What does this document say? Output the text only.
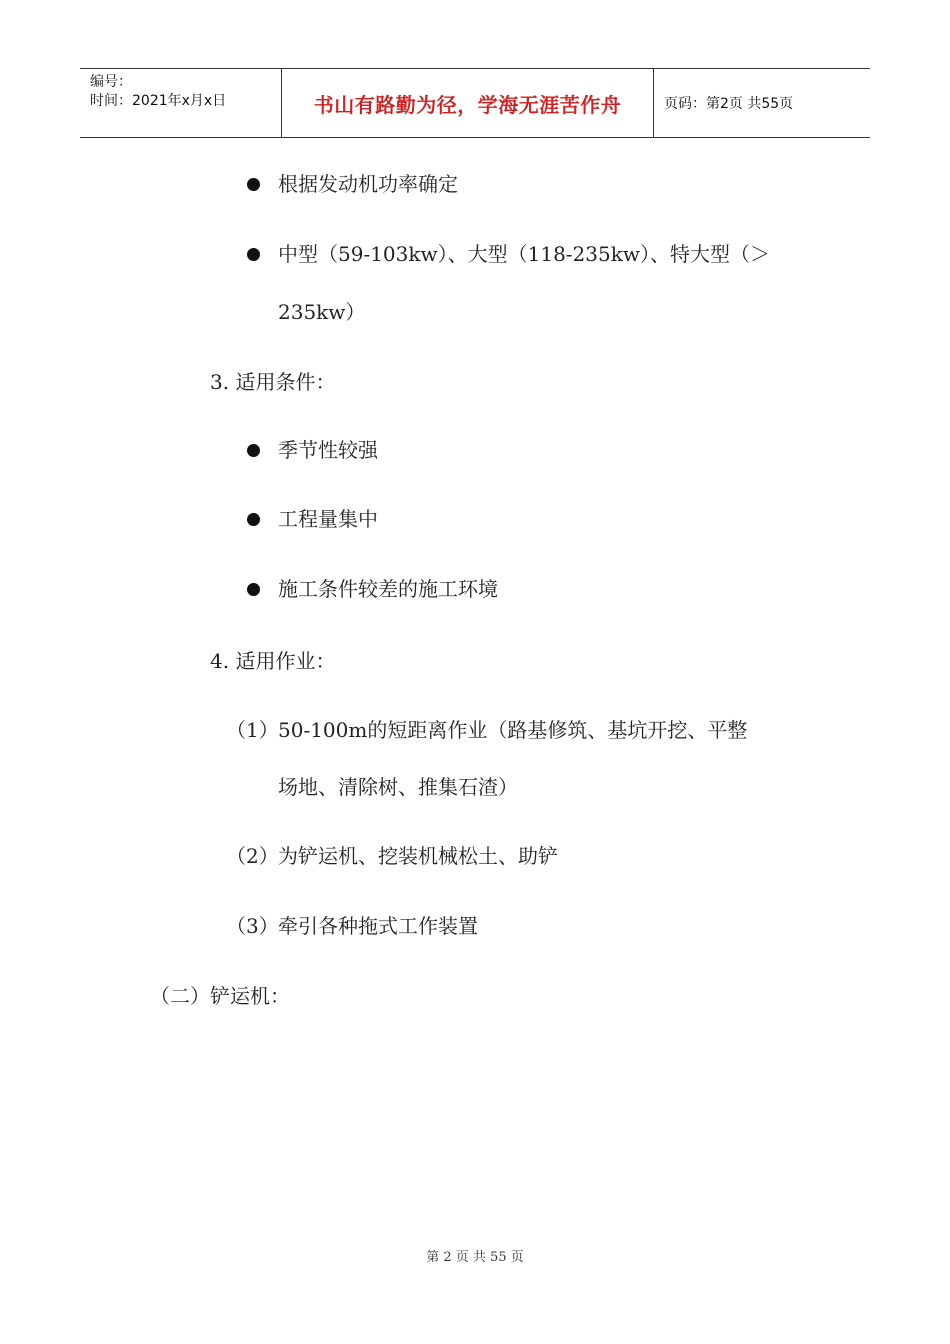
编号：
时间：2021年x月x日	书山有路勤为径，学海无涯苦作舟	页码：第2页 共55页
根据发动机功率确定
中型（59-103kw）、大型（118-235kw）、特大型（＞
235kw）
3. 适用条件：
季节性较强
工程量集中
施工条件较差的施工环境
4. 适用作业：
（1） 50-100m的短距离作业（路基修筑、基坑开挖、平整
场地、清除树、推集石渣）
（2） 为铲运机、挖装机械松土、助铲
（3） 牵引各种拖式工作装置
（二）铲运机：
第 2 页 共 55 页
